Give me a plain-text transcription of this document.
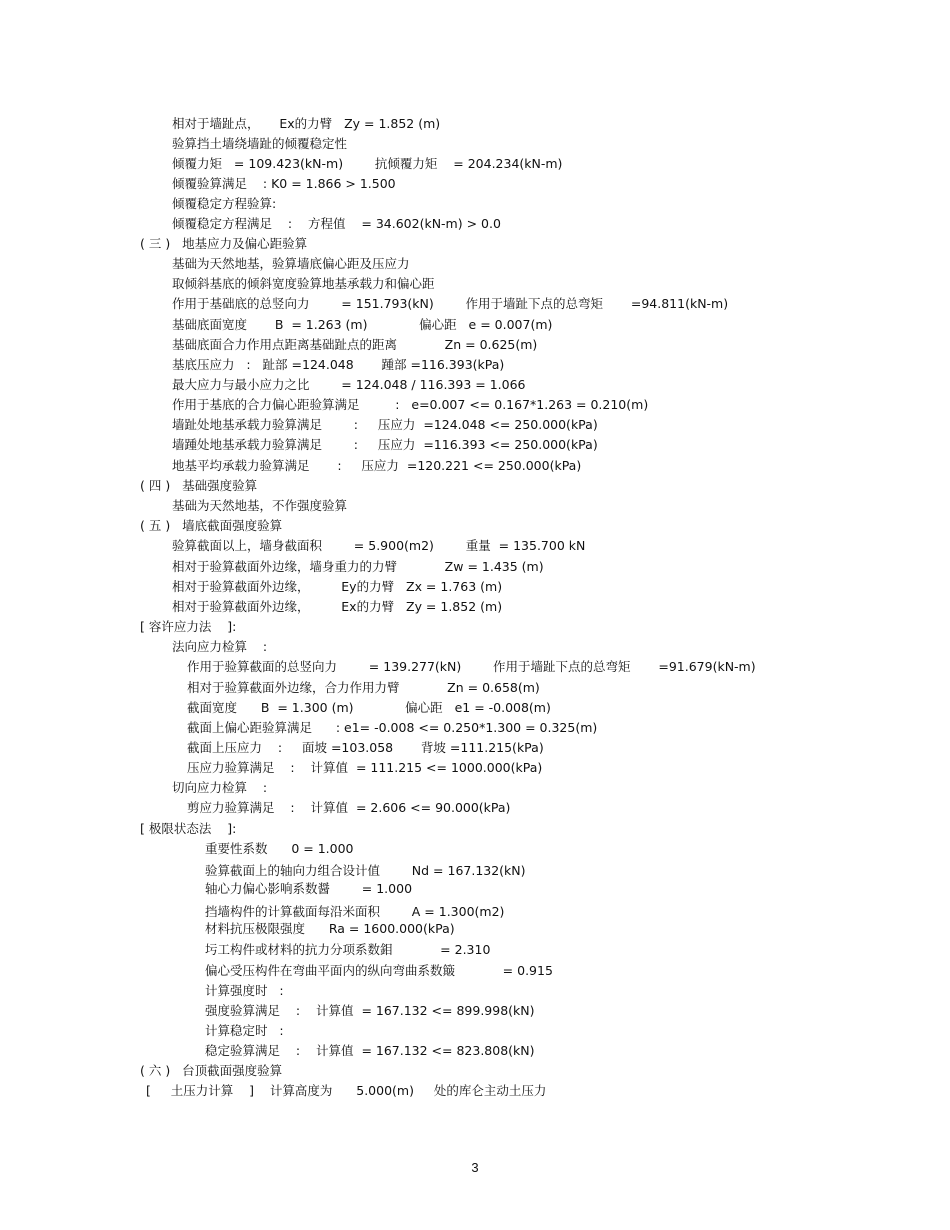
相对于墙趾点，     Ex的力臂   Zy = 1.852 (m)
验算挡土墙绕墙趾的倾覆稳定性
倾覆力矩   = 109.423(kN-m)        抗倾覆力矩    = 204.234(kN-m)
倾覆验算满足    : K0 = 1.866 > 1.500
倾覆稳定方程验算:
倾覆稳定方程满足    :    方程值    = 34.602(kN-m) > 0.0
( 三 )   地基应力及偏心距验算
基础为天然地基，验算墙底偏心距及压应力
取倾斜基底的倾斜宽度验算地基承载力和偏心距
作用于基础底的总竖向力        = 151.793(kN)        作用于墙趾下点的总弯矩       =94.811(kN-m)
基础底面宽度       B  = 1.263 (m)             偏心距   e = 0.007(m)
基础底面合力作用点距离基础趾点的距离            Zn = 0.625(m)
基底压应力   :   趾部 =124.048       踵部 =116.393(kPa)
最大应力与最小应力之比        = 124.048 / 116.393 = 1.066
作用于基底的合力偏心距验算满足         :   e=0.007 <= 0.167*1.263 = 0.210(m)
墙趾处地基承载力验算满足        :     压应力  =124.048 <= 250.000(kPa)
墙踵处地基承载力验算满足        :     压应力  =116.393 <= 250.000(kPa)
地基平均承载力验算满足       :     压应力  =120.221 <= 250.000(kPa)
( 四 )   基础强度验算
基础为天然地基，不作强度验算
( 五 )   墙底截面强度验算
验算截面以上，墙身截面积        = 5.900(m2)        重量  = 135.700 kN
相对于验算截面外边缘，墙身重力的力臂            Zw = 1.435 (m)
相对于验算截面外边缘，        Ey的力臂   Zx = 1.763 (m)
相对于验算截面外边缘，        Ex的力臂   Zy = 1.852 (m)
[ 容许应力法    ]:
法向应力检算    :
作用于验算截面的总竖向力        = 139.277(kN)        作用于墙趾下点的总弯矩       =91.679(kN-m)
相对于验算截面外边缘，合力作用力臂            Zn = 0.658(m)
截面宽度      B  = 1.300 (m)             偏心距   e1 = -0.008(m)
截面上偏心距验算满足      : e1= -0.008 <= 0.250*1.300 = 0.325(m)
截面上压应力    :     面坡 =103.058       背坡 =111.215(kPa)
压应力验算满足    :    计算值  = 111.215 <= 1000.000(kPa)
切向应力检算    :
剪应力验算满足    :    计算值  = 2.606 <= 90.000(kPa)
[ 极限状态法    ]:
重要性系数      0 = 1.000
验算截面上的轴向力组合设计值        Nd = 167.132(kN)
轴心力偏心影响系数醤        = 1.000
挡墙构件的计算截面每沿米面积        A = 1.300(m2)
材料抗压极限强度      Ra = 1600.000(kPa)
圬工构件或材料的抗力分项系数鉬            = 2.310
偏心受压构件在弯曲平面内的纵向弯曲系数簸            = 0.915
计算强度时   :
强度验算满足    :    计算值  = 167.132 <= 899.998(kN)
计算稳定时   :
稳定验算满足    :    计算值  = 167.132 <= 823.808(kN)
( 六 )   台顶截面强度验算
[     土压力计算    ]    计算高度为      5.000(m)     处的库仑主动土压力
3
